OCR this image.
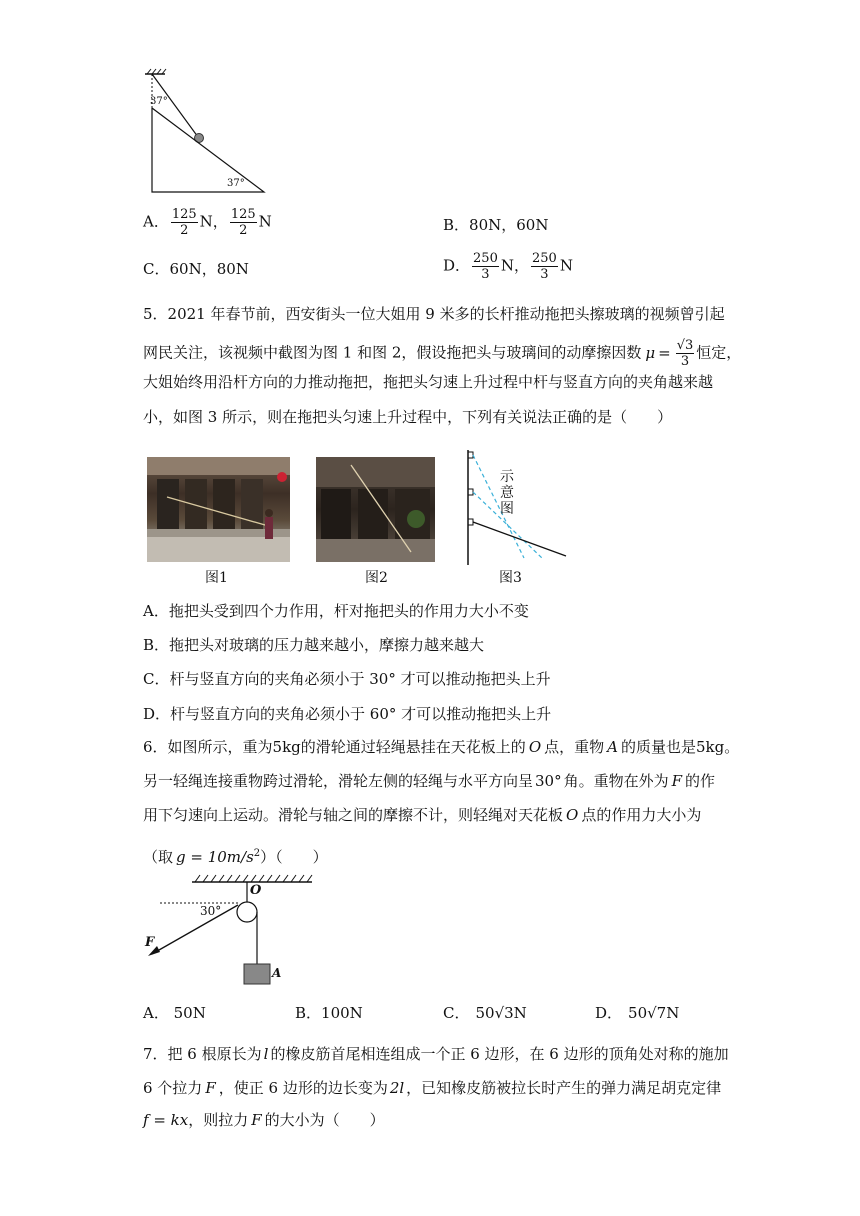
37°
37°
A． $\frac{125}{2}$ N， $\frac{125}{2}$ N	B．80N，60N
C．60N，80N	D． $\frac{250}{3}$ N， $\frac{250}{3}$ N
5．2021 年春节前，西安街头一位大姐用 9 米多的长杆推动拖把头擦玻璃的视频曾引起
网民关注，该视频中截图为图 1 和图 2，假设拖把头与玻璃间的动摩擦因数 $\mu = \frac{√3}{3}$ 恒定，
大姐始终用沿杆方向的力推动拖把，拖把头匀速上升过程中杆与竖直方向的夹角越来越
小，如图 3 所示，则在拖把头匀速上升过程中，下列有关说法正确的是（　　）
示
意
图
图1	图2	图3
A．拖把头受到四个力作用，杆对拖把头的作用力大小不变
B．拖把头对玻璃的压力越来越小，摩擦力越来越大
C．杆与竖直方向的夹角必须小于 30° 才可以推动拖把头上升
D．杆与竖直方向的夹角必须小于 60° 才可以推动拖把头上升
6．如图所示，重为5kg的滑轮通过轻绳悬挂在天花板上的 O 点，重物 A 的质量也是5kg。
另一轻绳连接重物跨过滑轮，滑轮左侧的轻绳与水平方向呈 30° 角。重物在外为 F 的作
用下匀速向上运动。滑轮与轴之间的摩擦不计，则轻绳对天花板 O 点的作用力大小为
（取 $g = 10m/s^2$）（　　）
O
30°
F
A
A． 50N	B．100N	C． 50√3N	D． 50√7N
7．把 6 根原长为 l 的橡皮筋首尾相连组成一个正 6 边形，在 6 边形的顶角处对称的施加
6 个拉力 F ，使正 6 边形的边长变为 2l ，已知橡皮筋被拉长时产生的弹力满足胡克定律
f = kx，则拉力 F 的大小为（　　）
